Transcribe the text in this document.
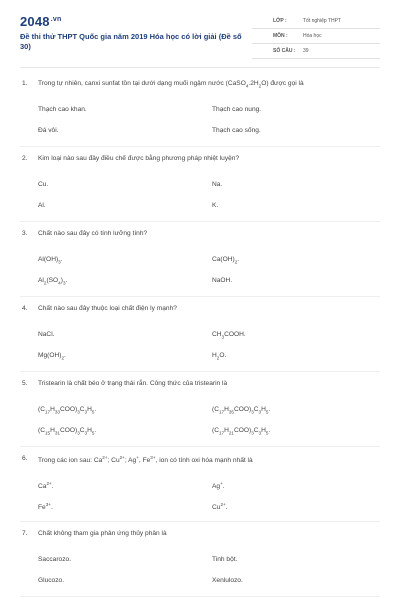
$2048^{.vn}$
Đề thi thử THPT Quốc gia năm 2019 Hóa học có lời giải (Đề số 30)
LỚP :	Tốt nghiệp THPT
MÔN :	Hóa học
SỐ CÂU : 39
1. Trong tự nhiên, canxi sunfat tồn tại dưới dạng muối ngậm nước $(CaSO_4.2H_2O)$ được gọi là
Thạch cao khan.	Thạch cao nung.
Đá vôi.	Thạch cao sống.
2. Kim loại nào sau đây điều chế được bằng phương pháp nhiệt luyện?
Cu.	Na.
Al.	K.
3. Chất nào sau đây có tính lưỡng tính?
$Al(OH)_3$.	$Ca(OH)_2$.
$Al_2(SO_4)_3$.	NaOH.
4. Chất nào sau đây thuộc loại chất điện ly mạnh?
NaCl.	$CH_3COOH$.
$Mg(OH)_2$.	$H_2O$.
5. Tristearin là chất béo ở trạng thái rắn. Công thức của tristearin là
$(C_{17}H_{33}COO)_3C_3H_5$.	$(C_{17}H_{35}COO)_3C_3H_5$.
$(C_{15}H_{31}COO)_3C_3H_5$.	$(C_{17}H_{21}COO)_3C_3H_5$.
6. Trong các ion sau: $Ca^{2+}$; $Cu^{2+}$; Ag+, $Fe^{3+}$, ion có tính oxi hóa mạnh nhất là
$Ca^{2+}$.	Ag+.
$Fe^{3+}$.	$Cu^{2+}$.
7. Chất không tham gia phản ứng thủy phân là
Saccarozo.	Tinh bột.
Glucozo.	Xenlulozo.
